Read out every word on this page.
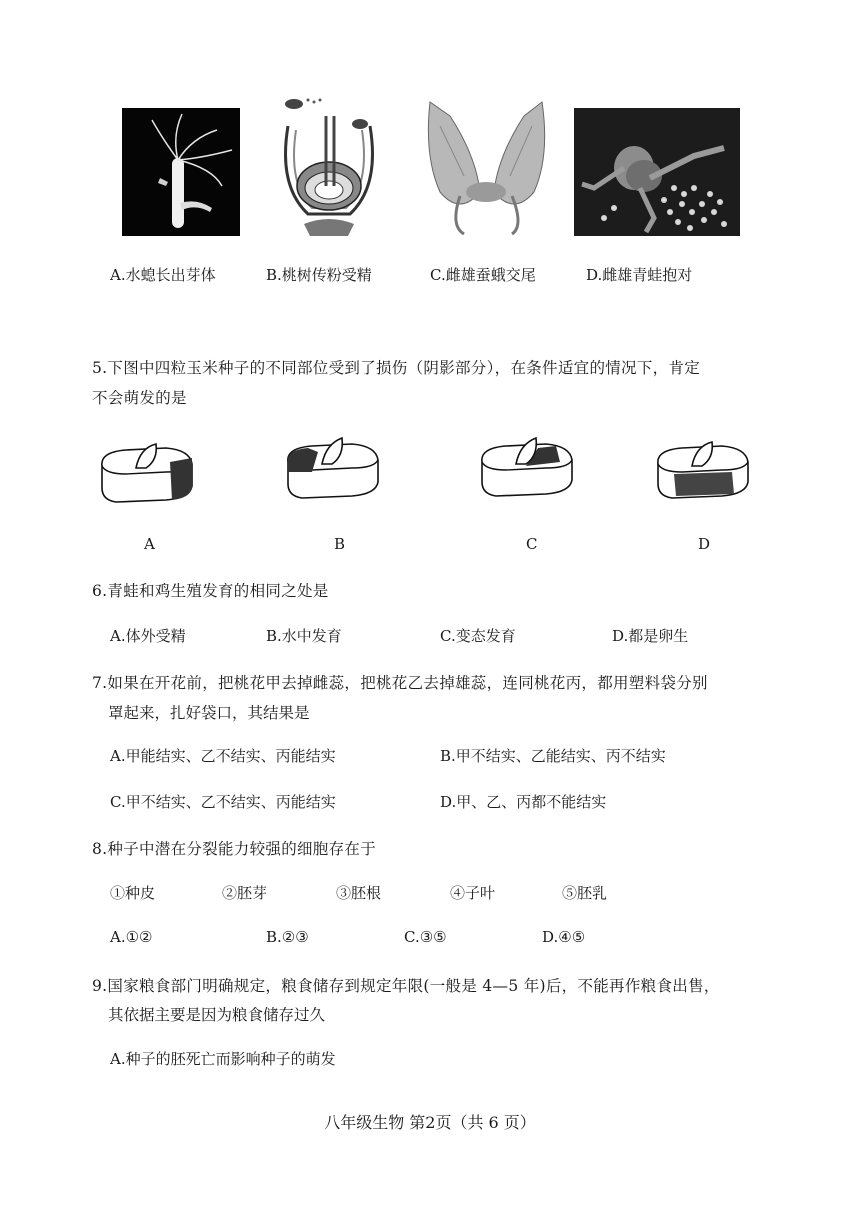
A.水螅长出芽体	B.桃树传粉受精	C.雌雄蚕蛾交尾	D.雌雄青蛙抱对
5.下图中四粒玉米种子的不同部位受到了损伤（阴影部分），在条件适宜的情况下，肯定
不会萌发的是
A	B	C	D
6.青蛙和鸡生殖发育的相同之处是
A.体外受精	B.水中发育	C.变态发育	D.都是卵生
7.如果在开花前，把桃花甲去掉雌蕊，把桃花乙去掉雄蕊，连同桃花丙，都用塑料袋分别
罩起来，扎好袋口，其结果是
A.甲能结实、乙不结实、丙能结实	B.甲不结实、乙能结实、丙不结实
C.甲不结实、乙不结实、丙能结实	D.甲、乙、丙都不能结实
8.种子中潜在分裂能力较强的细胞存在于
①种皮	②胚芽	③胚根	④子叶	⑤胚乳
A.①②	B.②③	C.③⑤	D.④⑤
9.国家粮食部门明确规定，粮食储存到规定年限(一般是 4—5 年)后，不能再作粮食出售，
其依据主要是因为粮食储存过久
A.种子的胚死亡而影响种子的萌发
八年级生物 第2页（共 6 页）
